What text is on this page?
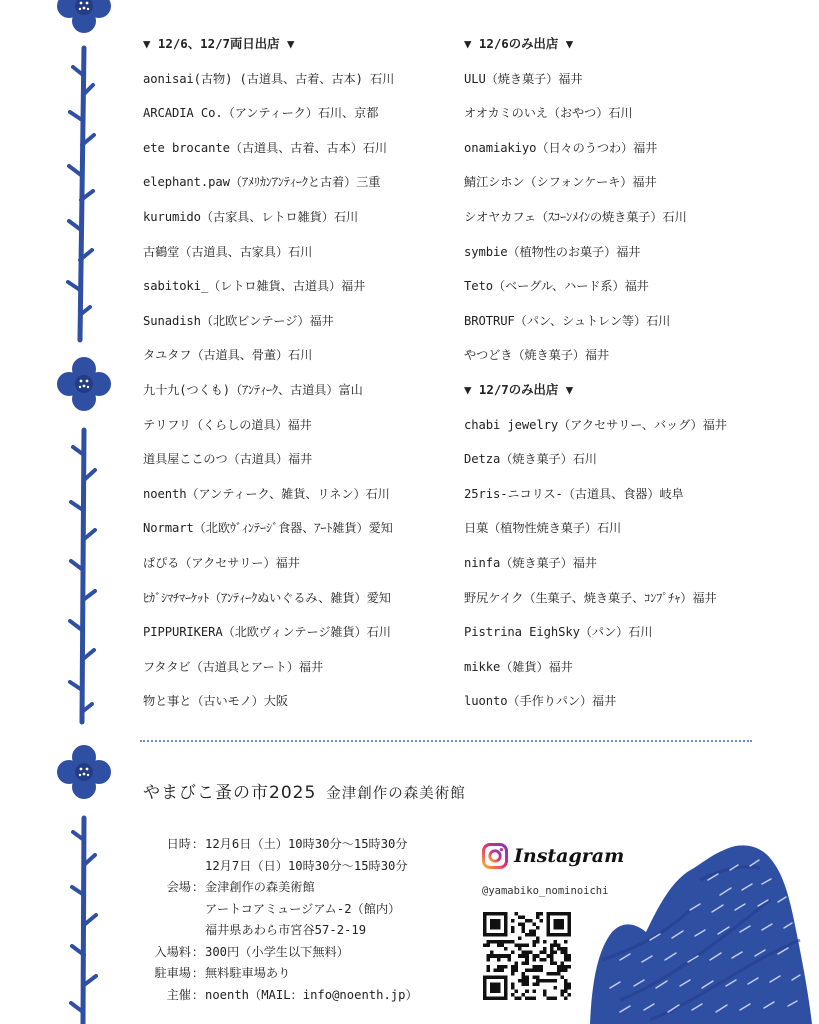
▼ 12/6、12/7両日出店 ▼
aonisai(古物) (古道具、古着、古本) 石川
ARCADIA Co.（アンティーク）石川、京都
ete brocante（古道具、古着、古本）石川
elephant.paw（ｱﾒﾘｶﾝｱﾝﾃｨｰｸと古着）三重
kurumido（古家具、レトロ雑貨）石川
古鶴堂（古道具、古家具）石川
sabitoki_（レトロ雑貨、古道具）福井
Sunadish（北欧ビンテージ）福井
タユタフ（古道具、骨董）石川
九十九(つくも)（ｱﾝﾃｨｰｸ、古道具）富山
テリフリ（くらしの道具）福井
道具屋ここのつ（古道具）福井
noenth（アンティーク、雑貨、リネン）石川
Normart（北欧ｳﾞｨﾝﾃｰｼﾞ食器、ｱｰﾄ雑貨）愛知
ぱぴる（アクセサリー）福井
ﾋｶﾞｼﾏﾁﾏｰｹｯﾄ（ｱﾝﾃｨｰｸぬいぐるみ、雑貨）愛知
PIPPURIKERA（北欧ヴィンテージ雑貨）石川
フタタビ（古道具とアート）福井
物と事と（古いモノ）大阪
▼ 12/6のみ出店 ▼
ULU（焼き菓子）福井
オオカミのいえ（おやつ）石川
onamiakiyo（日々のうつわ）福井
鯖江シホン（シフォンケーキ）福井
シオヤカフェ（ｽｺｰﾝﾒｲﾝの焼き菓子）石川
symbie（植物性のお菓子）福井
Teto（ベーグル、ハード系）福井
BROTRUF（パン、シュトレン等）石川
やつどき（焼き菓子）福井
▼ 12/7のみ出店 ▼
chabi jewelry（アクセサリー、バッグ）福井
Detza（焼き菓子）石川
25ris-ニコリス-（古道具、食器）岐阜
日菓（植物性焼き菓子）石川
ninfa（焼き菓子）福井
野尻ケイク（生菓子、焼き菓子、ｺﾝﾌﾟﾁｬ）福井
Pistrina EighSky（パン）石川
mikke（雑貨）福井
luonto（手作りパン）福井
やまびこ蚤の市2025 金津創作の森美術館
日時 ： 12月6日（土）10時30分～15時30分
12月7日（日）10時30分～15時30分
会場 ： 金津創作の森美術館
アートコアミュージアム-2（館内）
福井県あわら市宮谷57-2-19
入場料 ： 300円（小学生以下無料）
駐車場 ： 無料駐車場あり
主催 ： noenth（MAIL：info@noenth.jp）
Instagram
@yamabiko_nominoichi
